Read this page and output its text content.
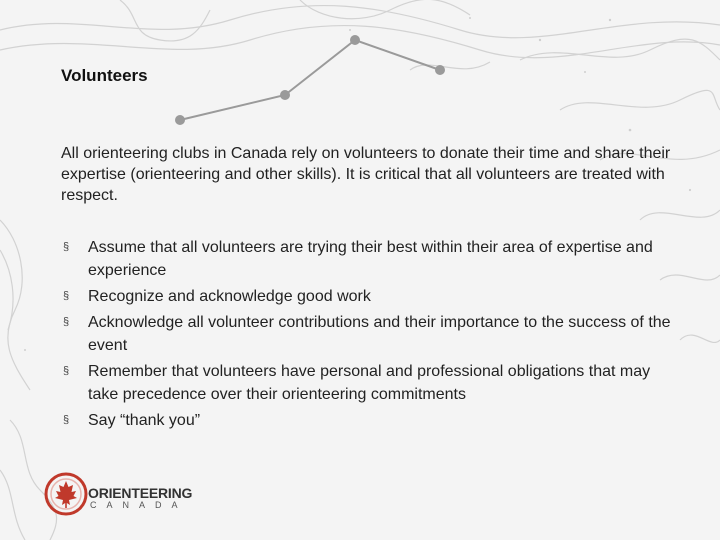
Volunteers
All orienteering clubs in Canada rely on volunteers to donate their time and share their expertise (orienteering and other skills). It is critical that all volunteers are treated with respect.
§ Assume that all volunteers are trying their best within their area of expertise and experience
§ Recognize and acknowledge good work
§ Acknowledge all volunteer contributions and their importance to the success of the event
§ Remember that volunteers have personal and professional obligations that may take precedence over their orienteering commitments
§ Say “thank you”
ORIENTEERING
CANADA
